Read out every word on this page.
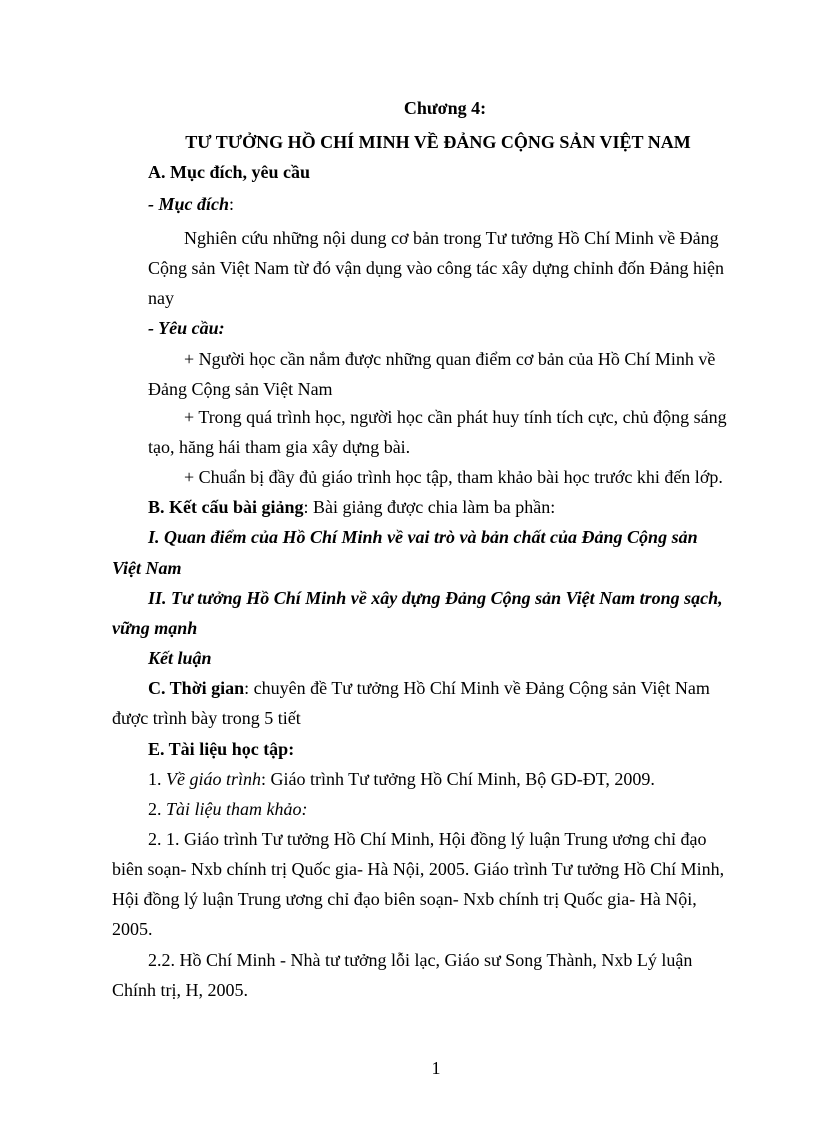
Chương 4:
TƯ TƯỞNG HỒ CHÍ MINH VỀ ĐẢNG CỘNG SẢN VIỆT NAM
A. Mục đích, yêu cầu
- Mục đích:
Nghiên cứu những nội dung cơ bản trong Tư tưởng Hồ Chí Minh về Đảng
Cộng sản Việt Nam từ đó vận dụng vào công tác xây dựng chỉnh đốn Đảng hiện
nay
- Yêu cầu:
+ Người học cần nắm được những quan điểm cơ bản của Hồ Chí Minh về
Đảng Cộng sản Việt Nam
+ Trong quá trình học, người học cần phát huy tính tích cực, chủ động sáng
tạo, hăng hái tham gia xây dựng bài.
+ Chuẩn bị đầy đủ giáo trình học tập, tham khảo bài học trước khi đến lớp.
B. Kết cấu bài giảng: Bài giảng được chia làm ba phần:
I. Quan điểm của Hồ Chí Minh về vai trò và bản chất của Đảng Cộng sản
Việt Nam
II. Tư tưởng Hồ Chí Minh về xây dựng Đảng Cộng sản Việt Nam trong sạch,
vững mạnh
Kết luận
C. Thời gian: chuyên đề Tư tưởng Hồ Chí Minh về Đảng Cộng sản Việt Nam
được trình bày trong 5 tiết
E. Tài liệu học tập:
1. Về giáo trình: Giáo trình Tư tưởng Hồ Chí Minh, Bộ GD-ĐT, 2009.
2. Tài liệu tham khảo:
2. 1. Giáo trình Tư tưởng Hồ Chí Minh, Hội đồng lý luận Trung ương chỉ đạo
biên soạn- Nxb chính trị Quốc gia- Hà Nội, 2005. Giáo trình Tư tưởng Hồ Chí Minh,
Hội đồng lý luận Trung ương chỉ đạo biên soạn- Nxb chính trị Quốc gia- Hà Nội,
2005.
2.2. Hồ Chí Minh - Nhà tư tưởng lỗi lạc, Giáo sư Song Thành, Nxb Lý luận
Chính trị, H, 2005.
1
